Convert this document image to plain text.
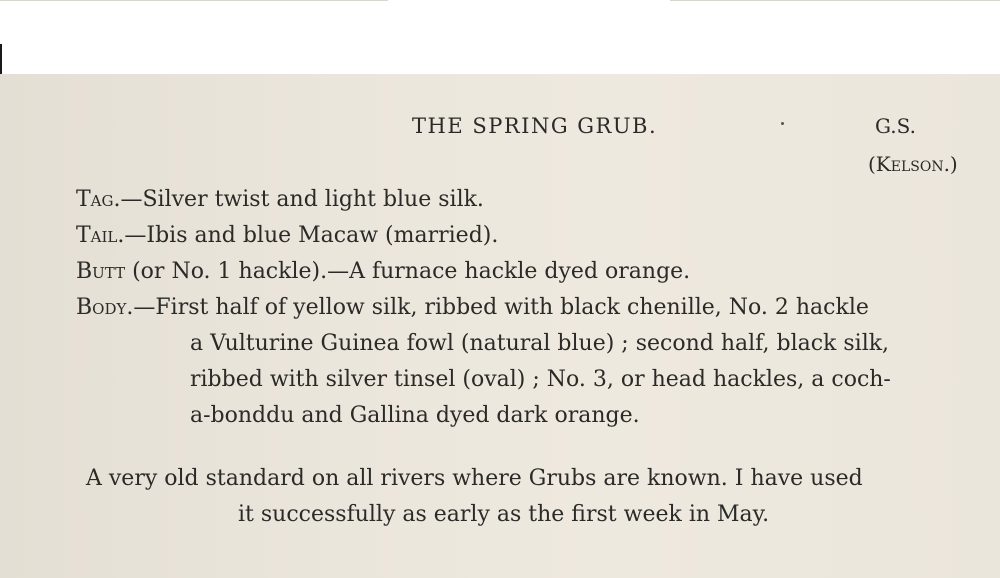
THE SPRING GRUB.	G.S.
(Kelson.)
Tag.—Silver twist and light blue silk.
Tail.—Ibis and blue Macaw (married).
Butt (or No. 1 hackle).—A furnace hackle dyed orange.
Body.—First half of yellow silk, ribbed with black chenille, No. 2 hackle
a Vulturine Guinea fowl (natural blue) ; second half, black silk,
ribbed with silver tinsel (oval) ; No. 3, or head hackles, a coch-
a-bonddu and Gallina dyed dark orange.
A very old standard on all rivers where Grubs are known. I have used
it successfully as early as the first week in May.
